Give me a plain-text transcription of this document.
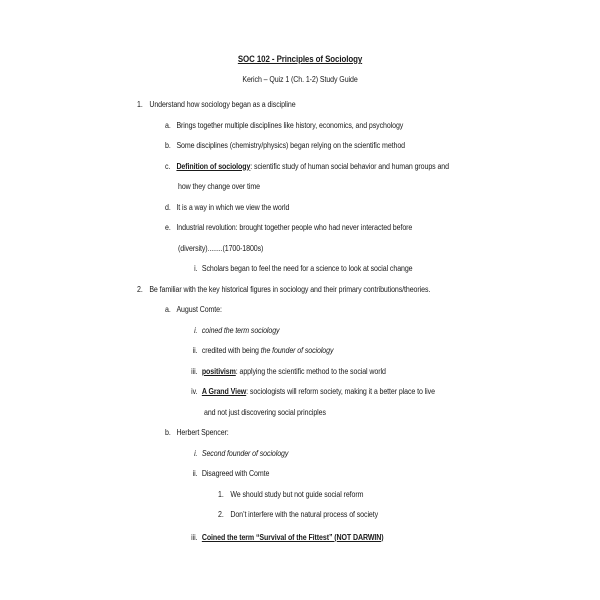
SOC 102 - Principles of Sociology
Kerich – Quiz 1 (Ch. 1-2) Study Guide
1. Understand how sociology began as a discipline
a. Brings together multiple disciplines like history, economics, and psychology
b. Some disciplines (chemistry/physics) began relying on the scientific method
c. Definition of sociology: scientific study of human social behavior and human groups and
how they change over time
d. It is a way in which we view the world
e. Industrial revolution: brought together people who had never interacted before
(diversity)........(1700-1800s)
i. Scholars began to feel the need for a science to look at social change
2. Be familiar with the key historical figures in sociology and their primary contributions/theories.
a. August Comte:
i. coined the term sociology
ii. credited with being the founder of sociology
iii. positivism: applying the scientific method to the social world
iv. A Grand View: sociologists will reform society, making it a better place to live
and not just discovering social principles
b. Herbert Spencer:
i. Second founder of sociology
ii. Disagreed with Comte
1. We should study but not guide social reform
2. Don’t interfere with the natural process of society
iii. Coined the term “Survival of the Fittest” (NOT DARWIN)
